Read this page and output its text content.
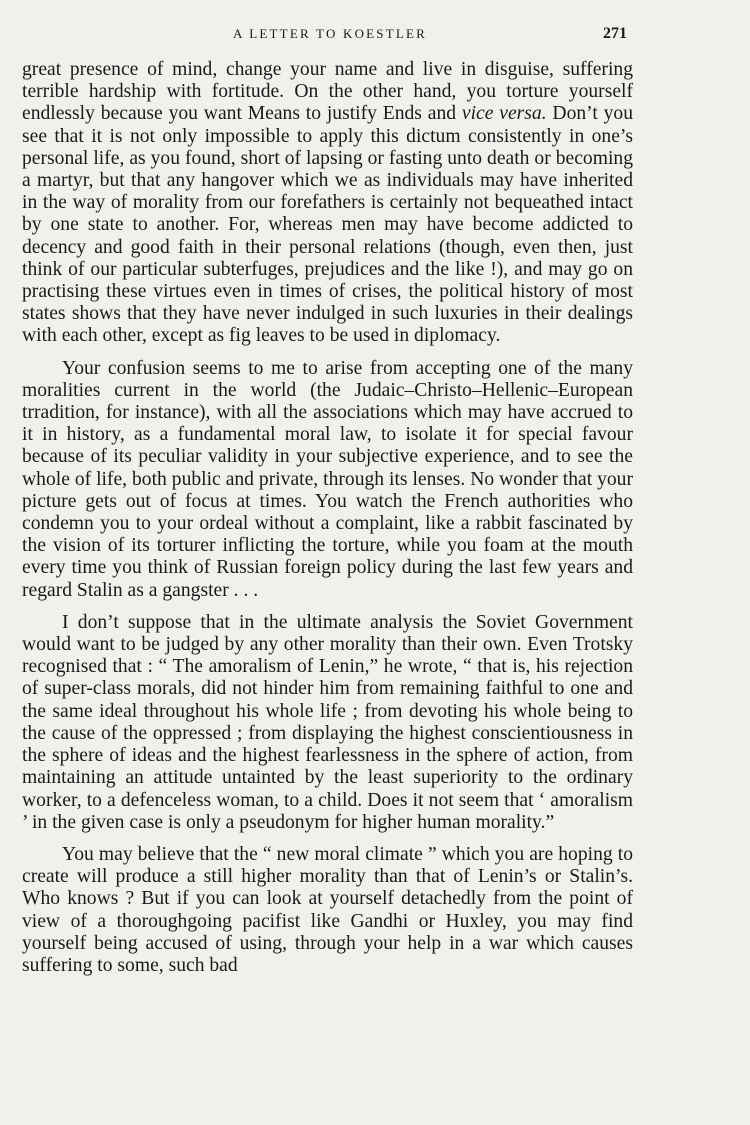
A LETTER TO KOESTLER	271

great presence of mind, change your name and live in disguise, suffering terrible hardship with fortitude. On the other hand, you torture yourself endlessly because you want Means to justify Ends and vice versa. Don’t you see that it is not only impossible to apply this dictum consistently in one’s personal life, as you found, short of lapsing or fasting unto death or becoming a martyr, but that any hangover which we as individuals may have inherited in the way of morality from our forefathers is certainly not bequeathed intact by one state to another. For, whereas men may have become addicted to decency and good faith in their personal relations (though, even then, just think of our particular subterfuges, prejudices and the like !), and may go on practising these virtues even in times of crises, the political history of most states shows that they have never indulged in such luxuries in their dealings with each other, except as fig leaves to be used in diplomacy.

Your confusion seems to me to arise from accepting one of the many moralities current in the world (the Judaic–Christo–Hellenic–European trradition, for instance), with all the associations which may have accrued to it in history, as a fundamental moral law, to isolate it for special favour because of its peculiar validity in your subjective experience, and to see the whole of life, both public and private, through its lenses. No wonder that your picture gets out of focus at times. You watch the French authorities who condemn you to your ordeal without a complaint, like a rabbit fascinated by the vision of its torturer inflicting the torture, while you foam at the mouth every time you think of Russian foreign policy during the last few years and regard Stalin as a gangster . . .

I don’t suppose that in the ultimate analysis the Soviet Government would want to be judged by any other morality than their own. Even Trotsky recognised that : “ The amoralism of Lenin,” he wrote, “ that is, his rejection of super-class morals, did not hinder him from remaining faithful to one and the same ideal throughout his whole life ; from devoting his whole being to the cause of the oppressed ; from displaying the highest conscientiousness in the sphere of ideas and the highest fearlessness in the sphere of action, from maintaining an attitude untainted by the least superiority to the ordinary worker, to a defenceless woman, to a child. Does it not seem that ‘ amoralism ’ in the given case is only a pseudonym for higher human morality.”

You may believe that the “ new moral climate ” which you are hoping to create will produce a still higher morality than that of Lenin’s or Stalin’s. Who knows ? But if you can look at yourself detachedly from the point of view of a thoroughgoing pacifist like Gandhi or Huxley, you may find yourself being accused of using, through your help in a war which causes suffering to some, such bad
